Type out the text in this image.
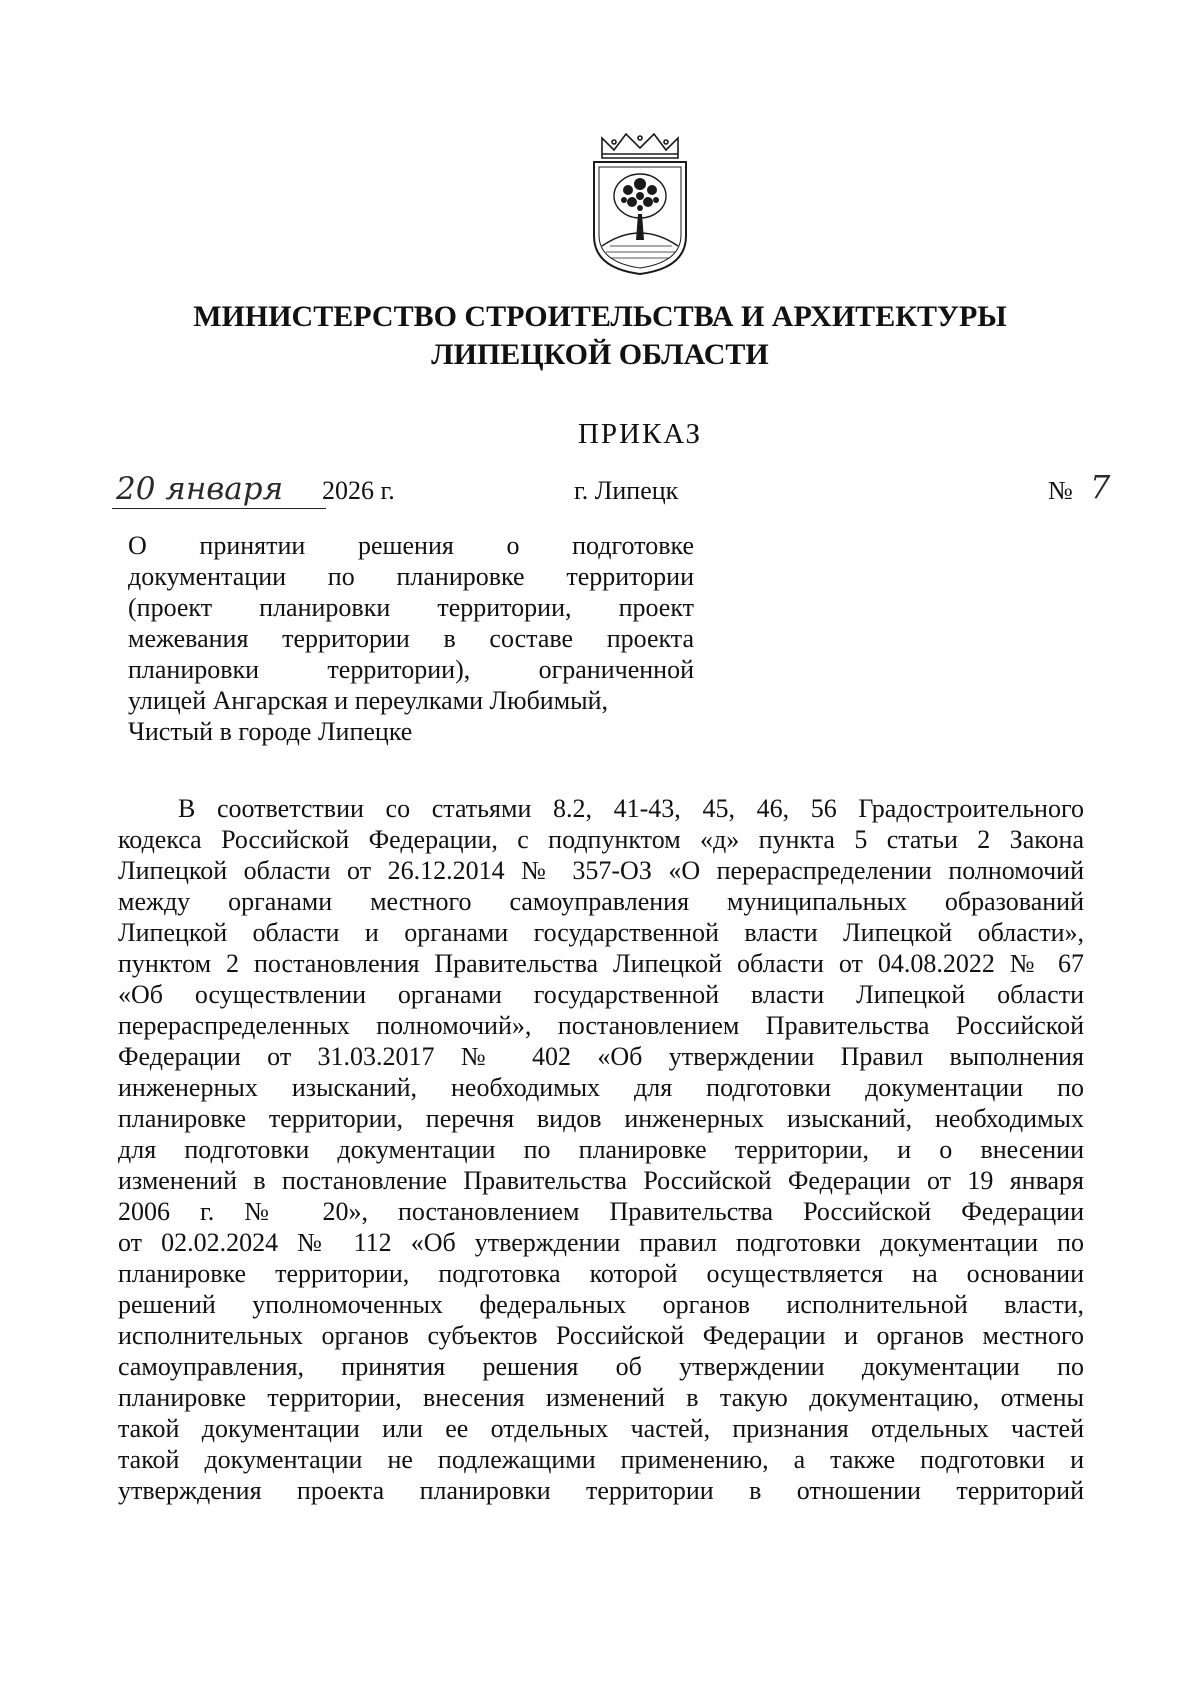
МИНИСТЕРСТВО СТРОИТЕЛЬСТВА И АРХИТЕКТУРЫ
ЛИПЕЦКОЙ ОБЛАСТИ
ПРИКАЗ
20 января	2026 г.	г. Липецк	№ 7
О принятии решения о подготовке
документации по планировке территории
(проект планировки территории, проект
межевания территории в составе проекта
планировки территории), ограниченной
улицей Ангарская и переулками Любимый,
Чистый в городе Липецке
В соответствии со статьями 8.2, 41-43, 45, 46, 56 Градостроительного
кодекса Российской Федерации, с подпунктом «д» пункта 5 статьи 2 Закона
Липецкой области от 26.12.2014 № 357-ОЗ «О перераспределении полномочий
между органами местного самоуправления муниципальных образований
Липецкой области и органами государственной власти Липецкой области»,
пунктом 2 постановления Правительства Липецкой области от 04.08.2022 № 67
«Об осуществлении органами государственной власти Липецкой области
перераспределенных полномочий», постановлением Правительства Российской
Федерации от 31.03.2017 № 402 «Об утверждении Правил выполнения
инженерных изысканий, необходимых для подготовки документации по
планировке территории, перечня видов инженерных изысканий, необходимых
для подготовки документации по планировке территории, и о внесении
изменений в постановление Правительства Российской Федерации от 19 января
2006 г. № 20», постановлением Правительства Российской Федерации
от 02.02.2024 № 112 «Об утверждении правил подготовки документации по
планировке территории, подготовка которой осуществляется на основании
решений уполномоченных федеральных органов исполнительной власти,
исполнительных органов субъектов Российской Федерации и органов местного
самоуправления, принятия решения об утверждении документации по
планировке территории, внесения изменений в такую документацию, отмены
такой документации или ее отдельных частей, признания отдельных частей
такой документации не подлежащими применению, а также подготовки и
утверждения проекта планировки территории в отношении территорий
